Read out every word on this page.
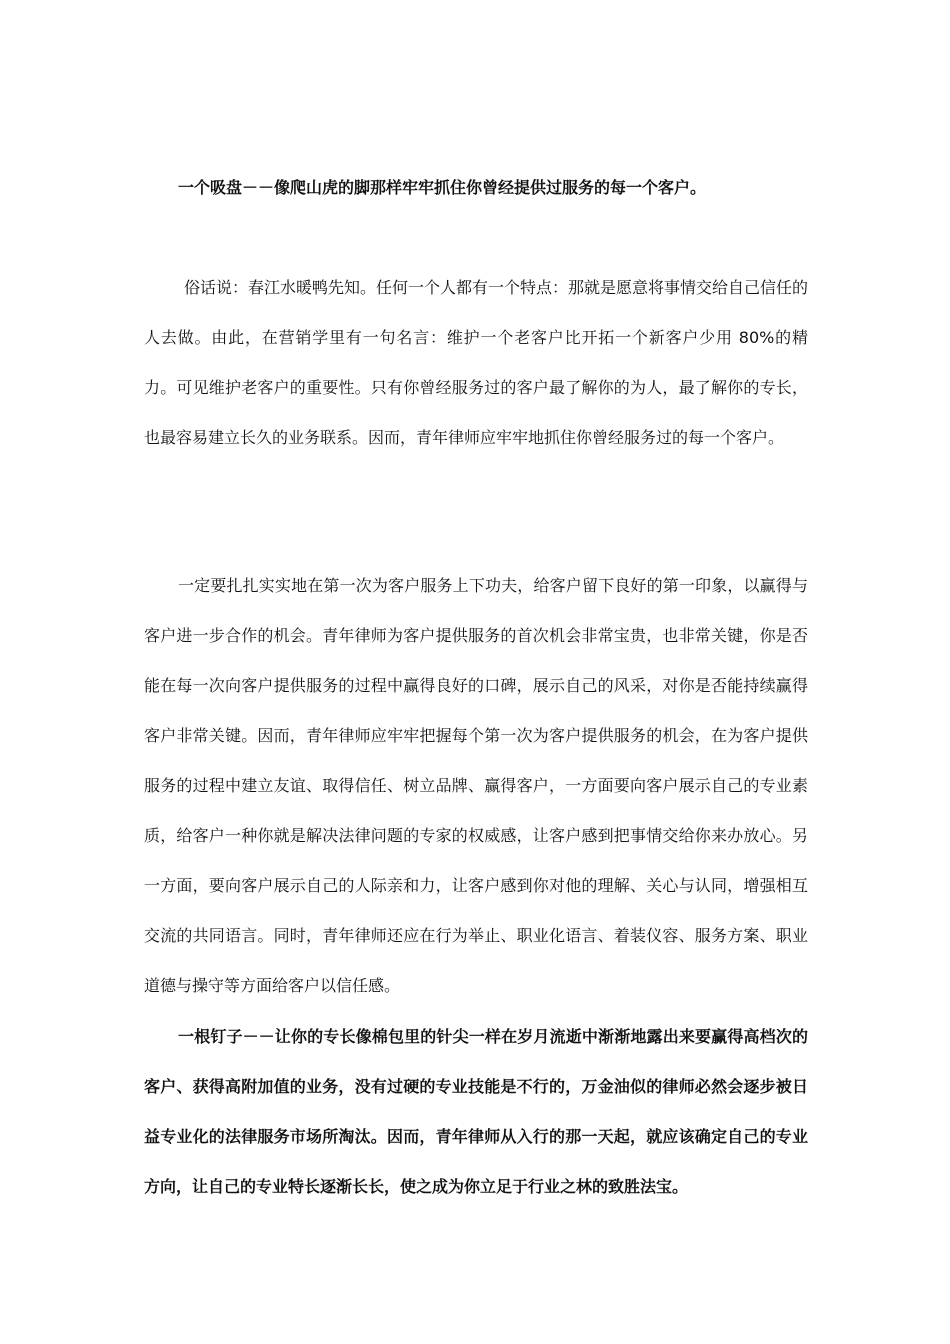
一个吸盘－－像爬山虎的脚那样牢牢抓住你曾经提供过服务的每一个客户。

俗话说：春江水暖鸭先知。任何一个人都有一个特点：那就是愿意将事情交给自己信任的人去做。由此，在营销学里有一句名言：维护一个老客户比开拓一个新客户少用 80%的精力。可见维护老客户的重要性。只有你曾经服务过的客户最了解你的为人，最了解你的专长，也最容易建立长久的业务联系。因而，青年律师应牢牢地抓住你曾经服务过的每一个客户。

一定要扎扎实实地在第一次为客户服务上下功夫，给客户留下良好的第一印象，以赢得与客户进一步合作的机会。青年律师为客户提供服务的首次机会非常宝贵，也非常关键，你是否能在每一次向客户提供服务的过程中赢得良好的口碑，展示自己的风采，对你是否能持续赢得客户非常关键。因而，青年律师应牢牢把握每个第一次为客户提供服务的机会，在为客户提供服务的过程中建立友谊、取得信任、树立品牌、赢得客户，一方面要向客户展示自己的专业素质，给客户一种你就是解决法律问题的专家的权威感，让客户感到把事情交给你来办放心。另一方面，要向客户展示自己的人际亲和力，让客户感到你对他的理解、关心与认同，增强相互交流的共同语言。同时，青年律师还应在行为举止、职业化语言、着装仪容、服务方案、职业道德与操守等方面给客户以信任感。

一根钉子－－让你的专长像棉包里的针尖一样在岁月流逝中渐渐地露出来要赢得高档次的客户、获得高附加值的业务，没有过硬的专业技能是不行的，万金油似的律师必然会逐步被日益专业化的法律服务市场所淘汰。因而，青年律师从入行的那一天起，就应该确定自己的专业方向，让自己的专业特长逐渐长长，使之成为你立足于行业之林的致胜法宝。
